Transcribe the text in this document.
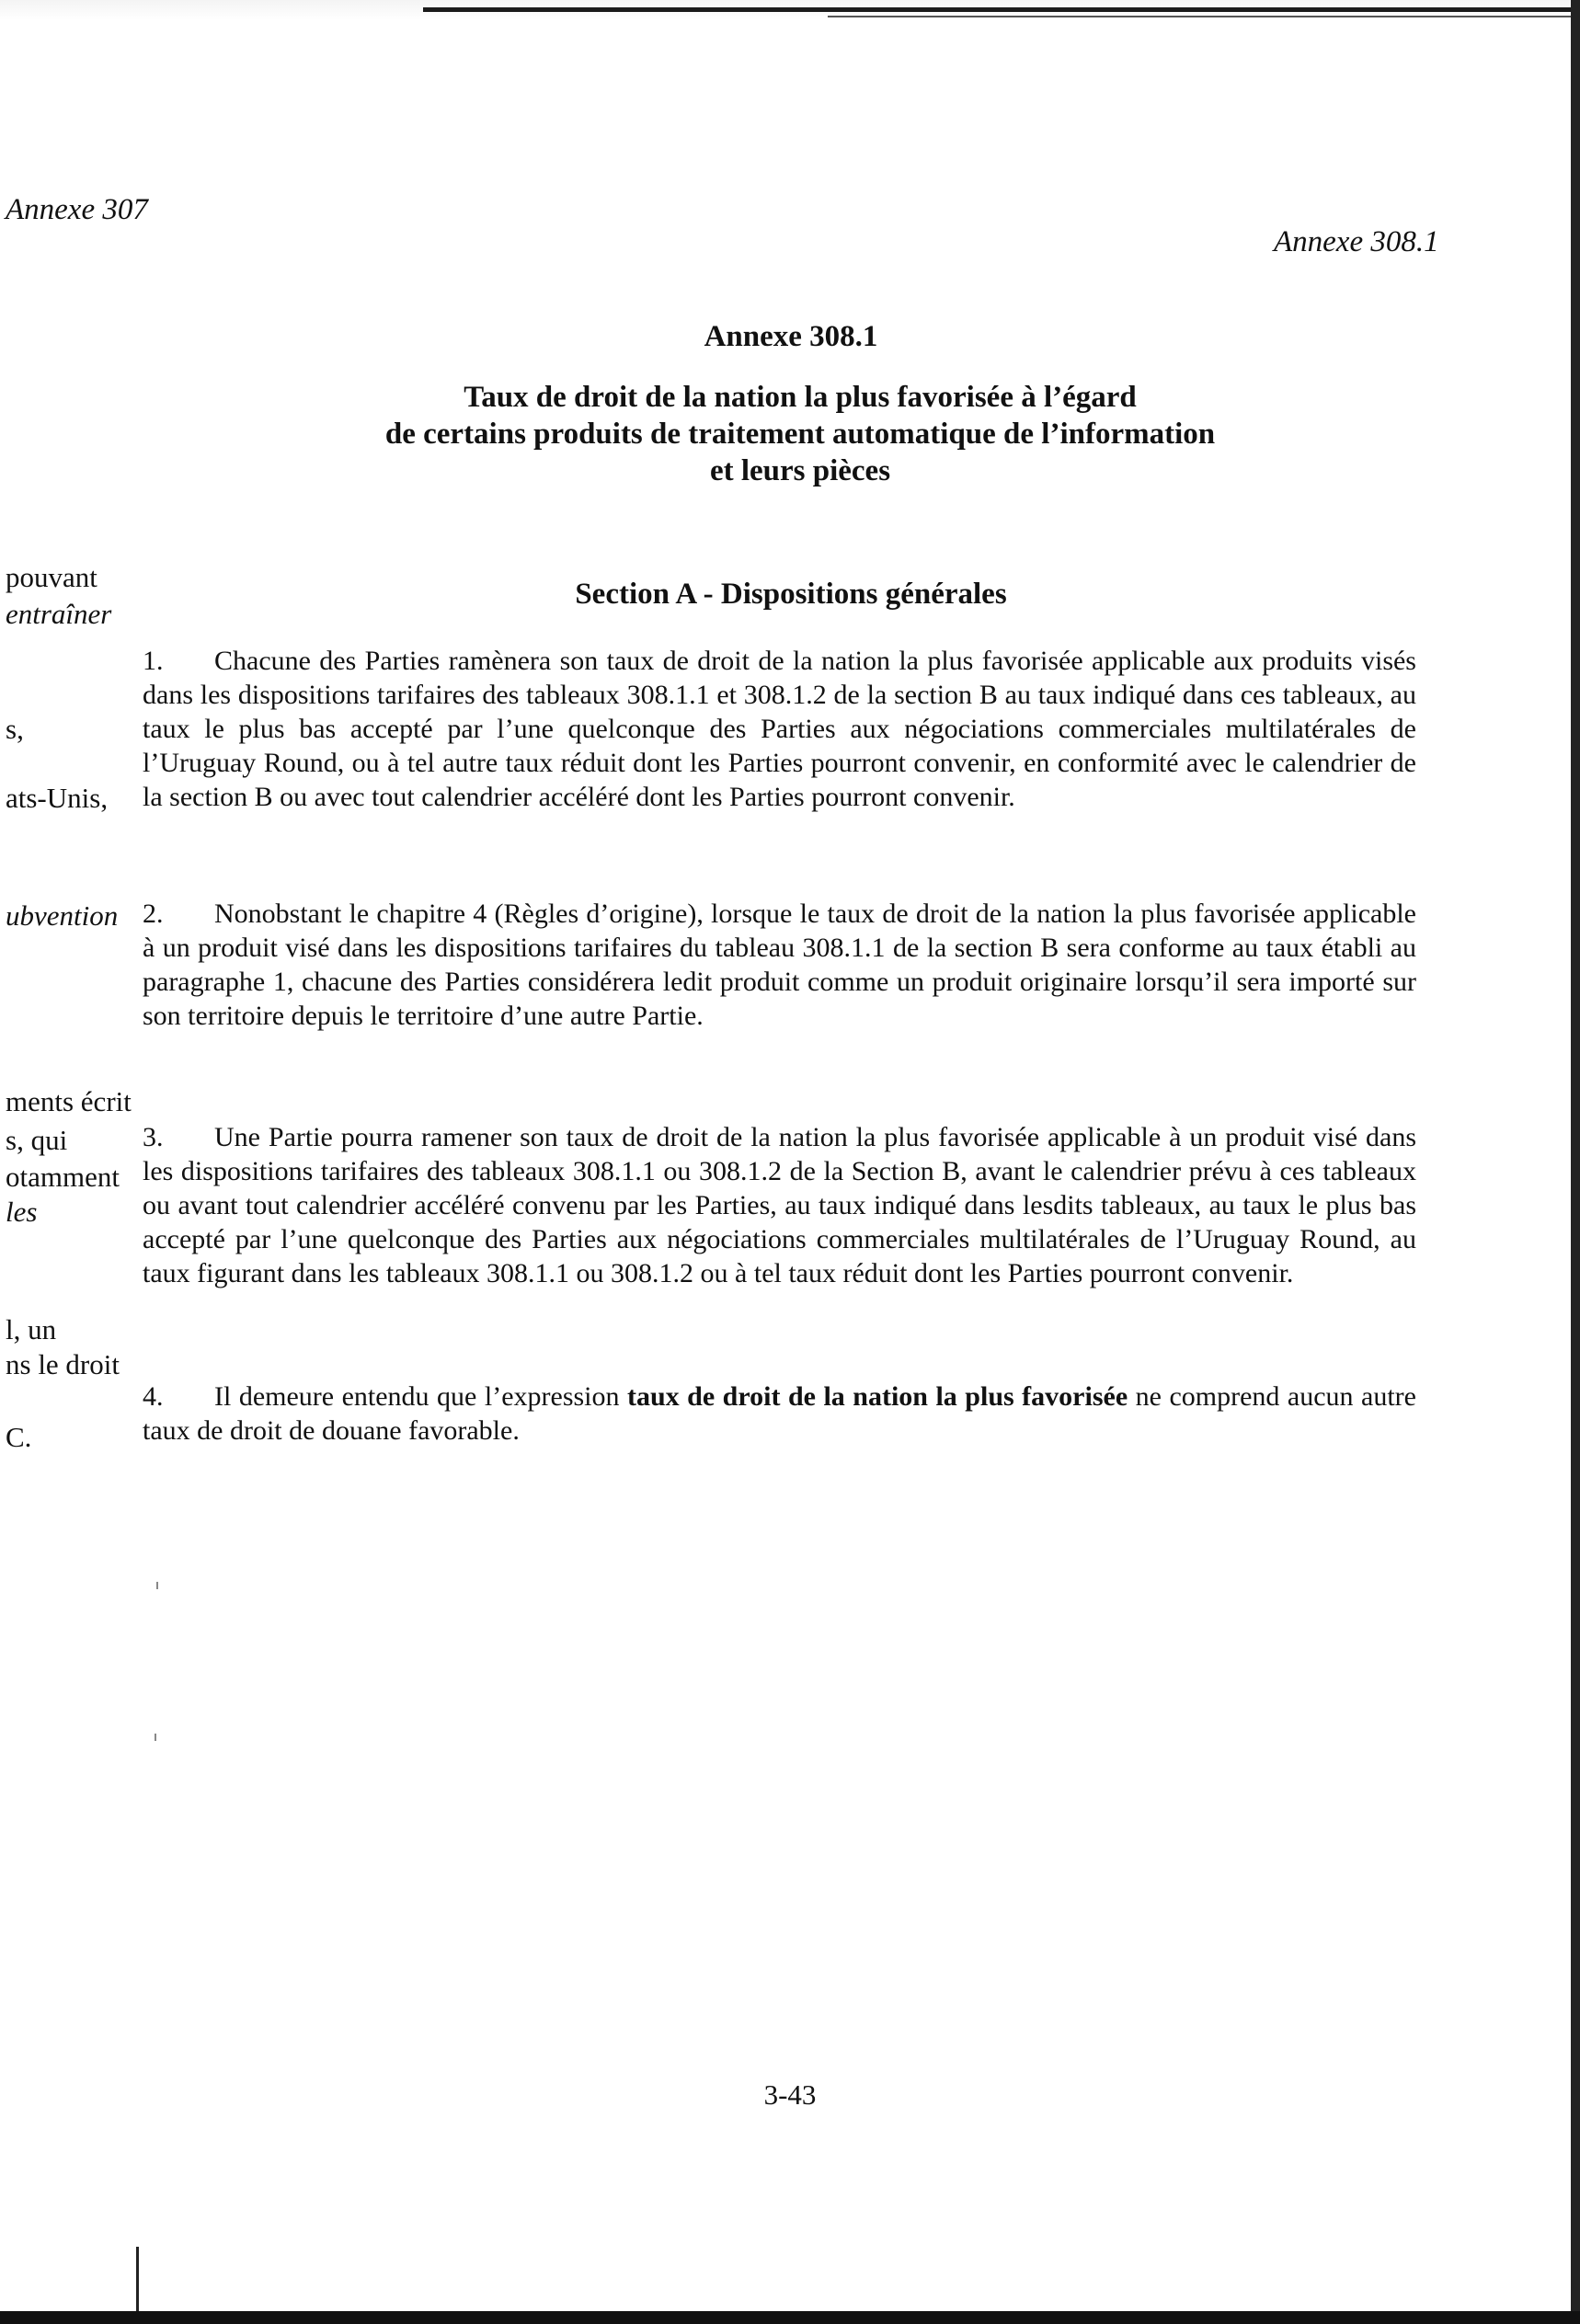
Annexe 307
Annexe 308.1
pouvant
entraîner
s,
ats-Unis,
ubvention
ments écrit
s, qui
otamment
les
l, un
ns le droit
C.
Annexe 308.1
Taux de droit de la nation la plus favorisée à l’égard
de certains produits de traitement automatique de l’information
et leurs pièces
Section A - Dispositions générales
1. Chacune des Parties ramènera son taux de droit de la nation la plus favorisée applicable aux produits visés dans les dispositions tarifaires des tableaux 308.1.1 et 308.1.2 de la section B au taux indiqué dans ces tableaux, au taux le plus bas accepté par l’une quelconque des Parties aux négociations commerciales multilatérales de l’Uruguay Round, ou à tel autre taux réduit dont les Parties pourront convenir, en conformité avec le calendrier de la section B ou avec tout calendrier accéléré dont les Parties pourront convenir.
2. Nonobstant le chapitre 4 (Règles d’origine), lorsque le taux de droit de la nation la plus favorisée applicable à un produit visé dans les dispositions tarifaires du tableau 308.1.1 de la section B sera conforme au taux établi au paragraphe 1, chacune des Parties considérera ledit produit comme un produit originaire lorsqu’il sera importé sur son territoire depuis le territoire d’une autre Partie.
3. Une Partie pourra ramener son taux de droit de la nation la plus favorisée applicable à un produit visé dans les dispositions tarifaires des tableaux 308.1.1 ou 308.1.2 de la Section B, avant le calendrier prévu à ces tableaux ou avant tout calendrier accéléré convenu par les Parties, au taux indiqué dans lesdits tableaux, au taux le plus bas accepté par l’une quelconque des Parties aux négociations commerciales multilatérales de l’Uruguay Round, au taux figurant dans les tableaux 308.1.1 ou 308.1.2 ou à tel taux réduit dont les Parties pourront convenir.
4. Il demeure entendu que l’expression taux de droit de la nation la plus favorisée ne comprend aucun autre taux de droit de douane favorable.
3-43
